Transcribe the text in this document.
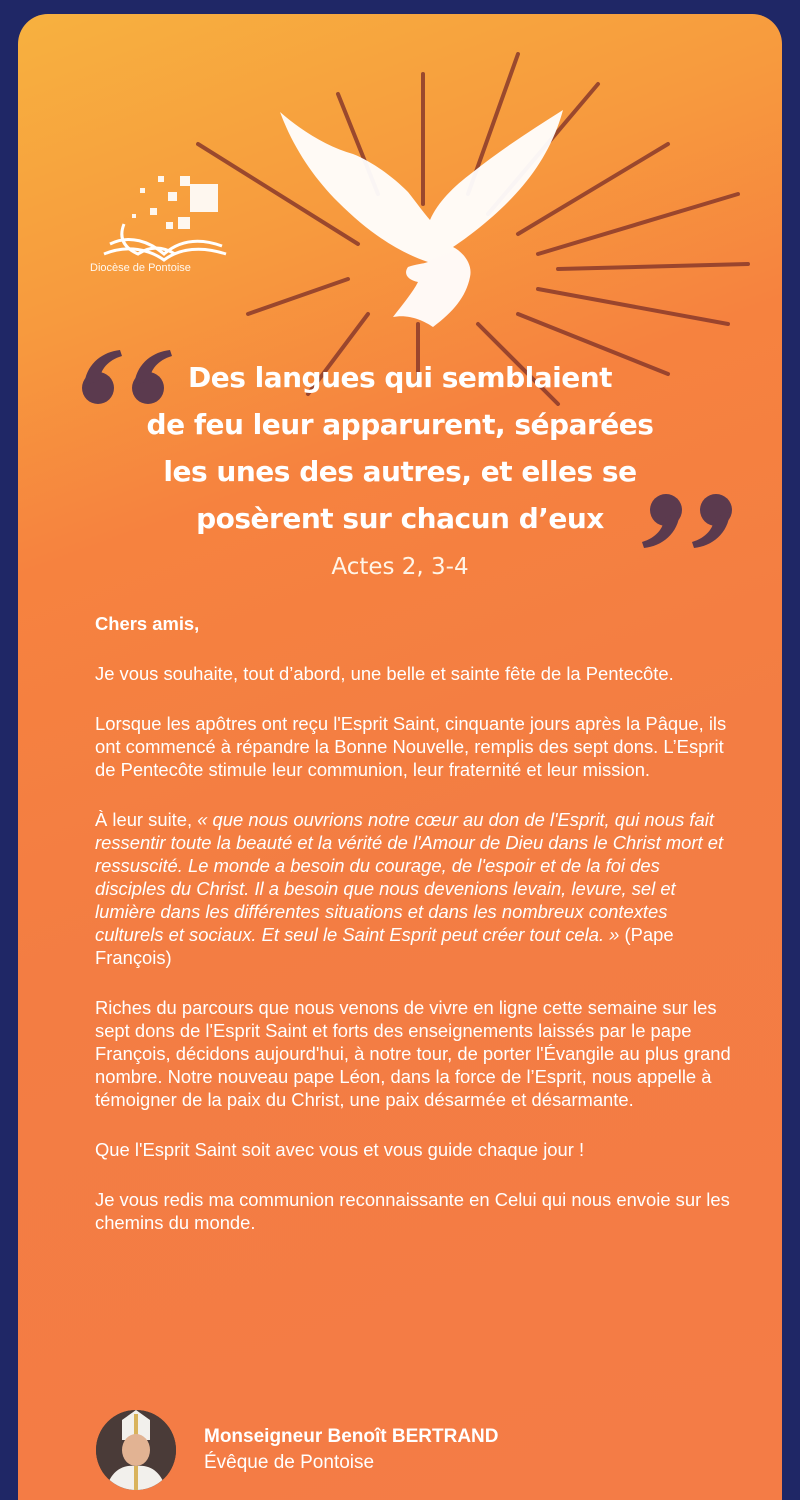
Diocèse de Pontoise
Des langues qui semblaient
de feu leur apparurent, séparées
les unes des autres, et elles se
posèrent sur chacun d’eux
Actes 2, 3-4

Chers amis,

Je vous souhaite, tout d’abord, une belle et sainte fête de la Pentecôte.

Lorsque les apôtres ont reçu l'Esprit Saint, cinquante jours après la Pâque, ils ont commencé à répandre la Bonne Nouvelle, remplis des sept dons. L’Esprit de Pentecôte stimule leur communion, leur fraternité et leur mission.

À leur suite, « que nous ouvrions notre cœur au don de l'Esprit, qui nous fait ressentir toute la beauté et la vérité de l'Amour de Dieu dans le Christ mort et ressuscité. Le monde a besoin du courage, de l'espoir et de la foi des disciples du Christ. Il a besoin que nous devenions levain, levure, sel et lumière dans les différentes situations et dans les nombreux contextes culturels et sociaux. Et seul le Saint Esprit peut créer tout cela. » (Pape François)

Riches du parcours que nous venons de vivre en ligne cette semaine sur les sept dons de l'Esprit Saint et forts des enseignements laissés par le pape François, décidons aujourd'hui, à notre tour, de porter l'Évangile au plus grand nombre. Notre nouveau pape Léon, dans la force de l’Esprit, nous appelle à témoigner de la paix du Christ, une paix désarmée et désarmante.

Que l'Esprit Saint soit avec vous et vous guide chaque jour !

Je vous redis ma communion reconnaissante en Celui qui nous envoie sur les chemins du monde.

Monseigneur Benoît BERTRAND
Évêque de Pontoise
